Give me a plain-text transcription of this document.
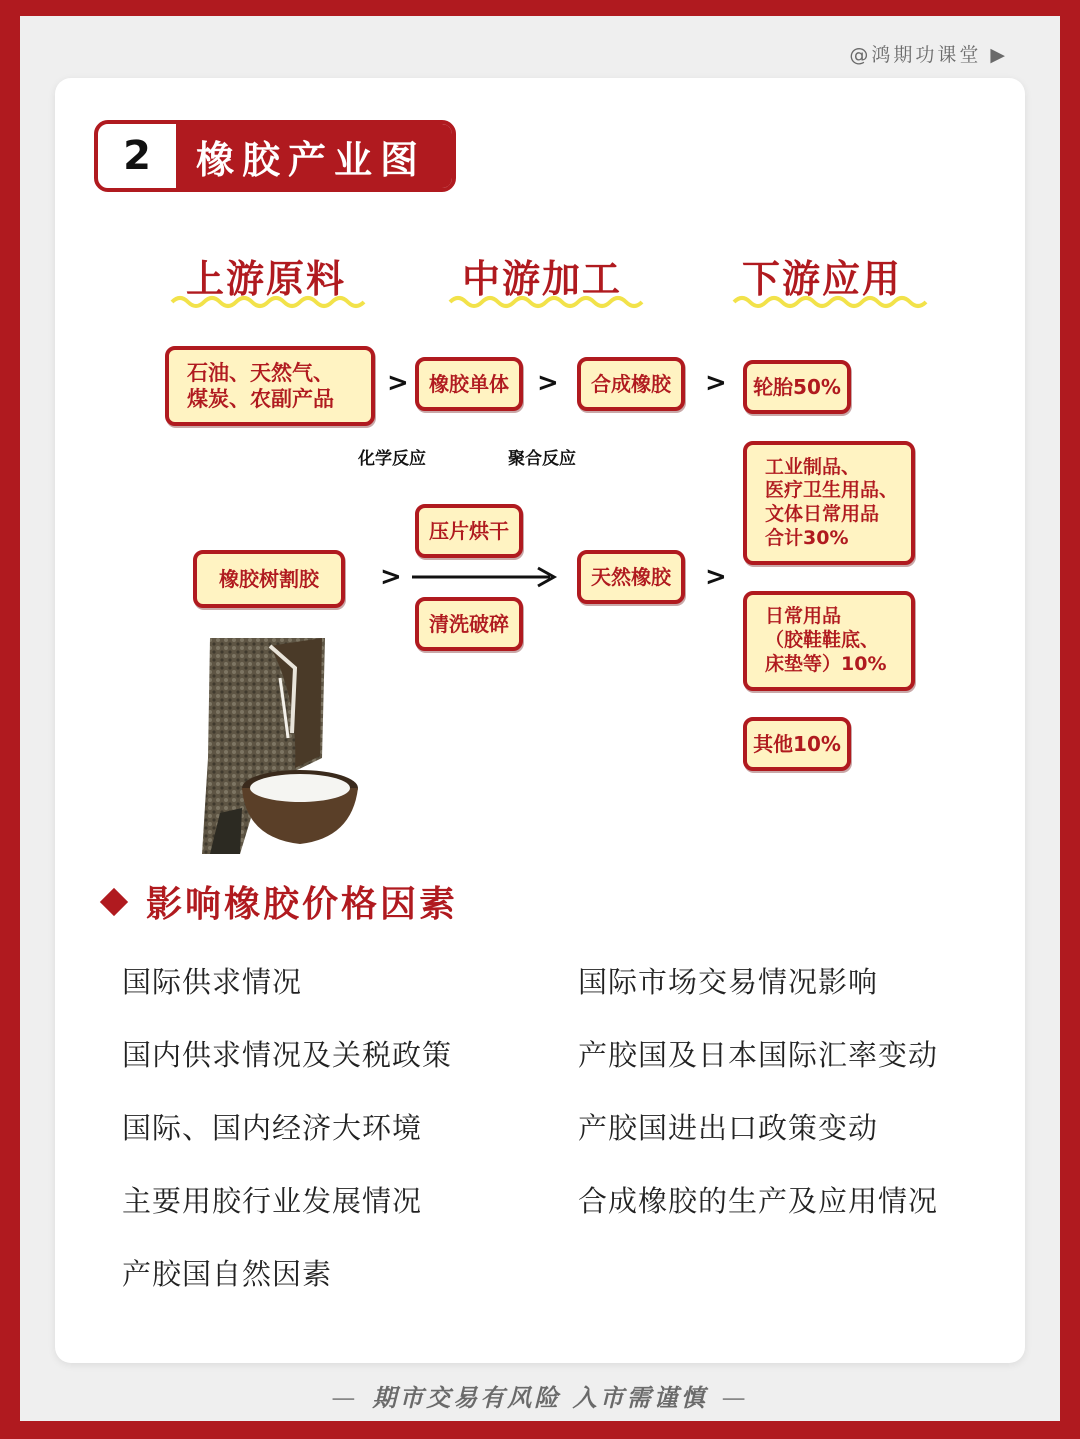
@鸿期功课堂 ▶
2	橡胶产业图
上游原料	中游加工	下游应用
石油、天然气、
煤炭、农副产品
>	橡胶单体	>	合成橡胶	>
化学反应	聚合反应
橡胶树割胶	>
压片烘干
清洗破碎
天然橡胶	>
轮胎50%
工业制品、
医疗卫生用品、
文体日常用品
合计30%
日常用品
（胶鞋鞋底、
床垫等）10%
其他10%
影响橡胶价格因素
国际供求情况
国内供求情况及关税政策
国际、国内经济大环境
主要用胶行业发展情况
产胶国自然因素
国际市场交易情况影响
产胶国及日本国际汇率变动
产胶国进出口政策变动
合成橡胶的生产及应用情况
— 期市交易有风险 入市需谨慎 —
